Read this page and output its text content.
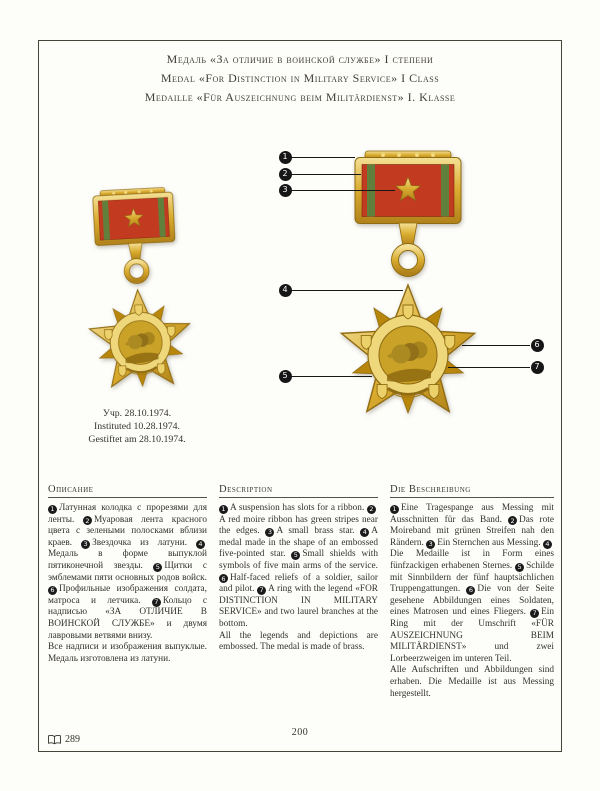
Медаль «За отличие в воинской службе» I степени
Medal «For Distinction in Military Service» I Class
Medaille «Für Auszeichnung beim Militärdienst» I. Klasse
1
2
3
4
5
6
7
Учр. 28.10.1974.
Instituted 10.28.1974.
Gestiftet am 28.10.1974.
Описание

1 Латунная колодка с прорезями для ленты. 2 Муаровая лента красного цвета с зелеными полосками вблизи краев. 3 Звездочка из латуни. 4Медаль в форме выпуклой пятиконечной звезды. 5 Щитки с эмблемами пяти основных родов войск. 6 Профильные изображения солдата, матроса и летчика. 7 Кольцо с надписью «ЗА ОТЛИЧИЕ В ВОИНСКОЙ СЛУЖБЕ» и двумя лавровыми ветвями внизу.

Все надписи и изображения выпуклые. Медаль изготовлена из латуни.

Description

1 A suspension has slots for a ribbon. 2A red moire ribbon has green stripes near the edges. 3 A small brass star. 4 A medal made in the shape of an embossed five-pointed star. 5 Small shields with symbols of five main arms of the service. 6 Half-faced reliefs of a soldier, sailor and pilot. 7 A ring with the legend «FOR DISTINCTION IN MILITARY SERVICE» and two laurel branches at the bottom.

All the legends and depictions are embossed. The medal is made of brass.

Die Beschreibung

1 Eine Tragespange aus Messing mit Ausschnitten für das Band. 2 Das rote Moireband mit grünen Streifen nah den Rändern. 3 Ein Sternchen aus Messing. 4Die Medaille ist in Form eines fünfzackigen erhabenen Sternes. 5 Schilde mit Sinnbildern der fünf hauptsächlichen Truppengattungen. 6 Die von der Seite gesehene Abbildungen eines Soldaten, eines Matrosen und eines Fliegers. 7 Ein Ring mit der Umschrift «FÜR AUSZEICHNUNG BEIM MILITÄRDIENST» und zwei Lorbeerzweigen im unteren Teil.

Alle Aufschriften und Abbildungen sind erhaben. Die Medaille ist aus Messing hergestellt.

200
289
